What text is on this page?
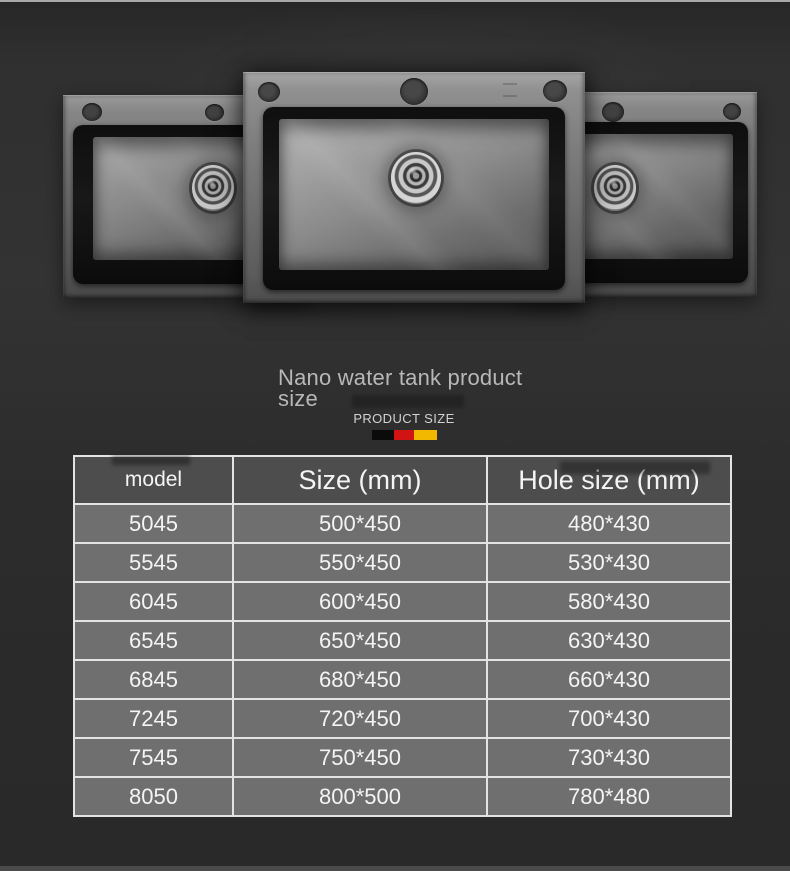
Nano water tank product
size
PRODUCT SIZE
model	Size (mm)	Hole size (mm)
5045	500*450	480*430
5545	550*450	530*430
6045	600*450	580*430
6545	650*450	630*430
6845	680*450	660*430
7245	720*450	700*430
7545	750*450	730*430
8050	800*500	780*480
